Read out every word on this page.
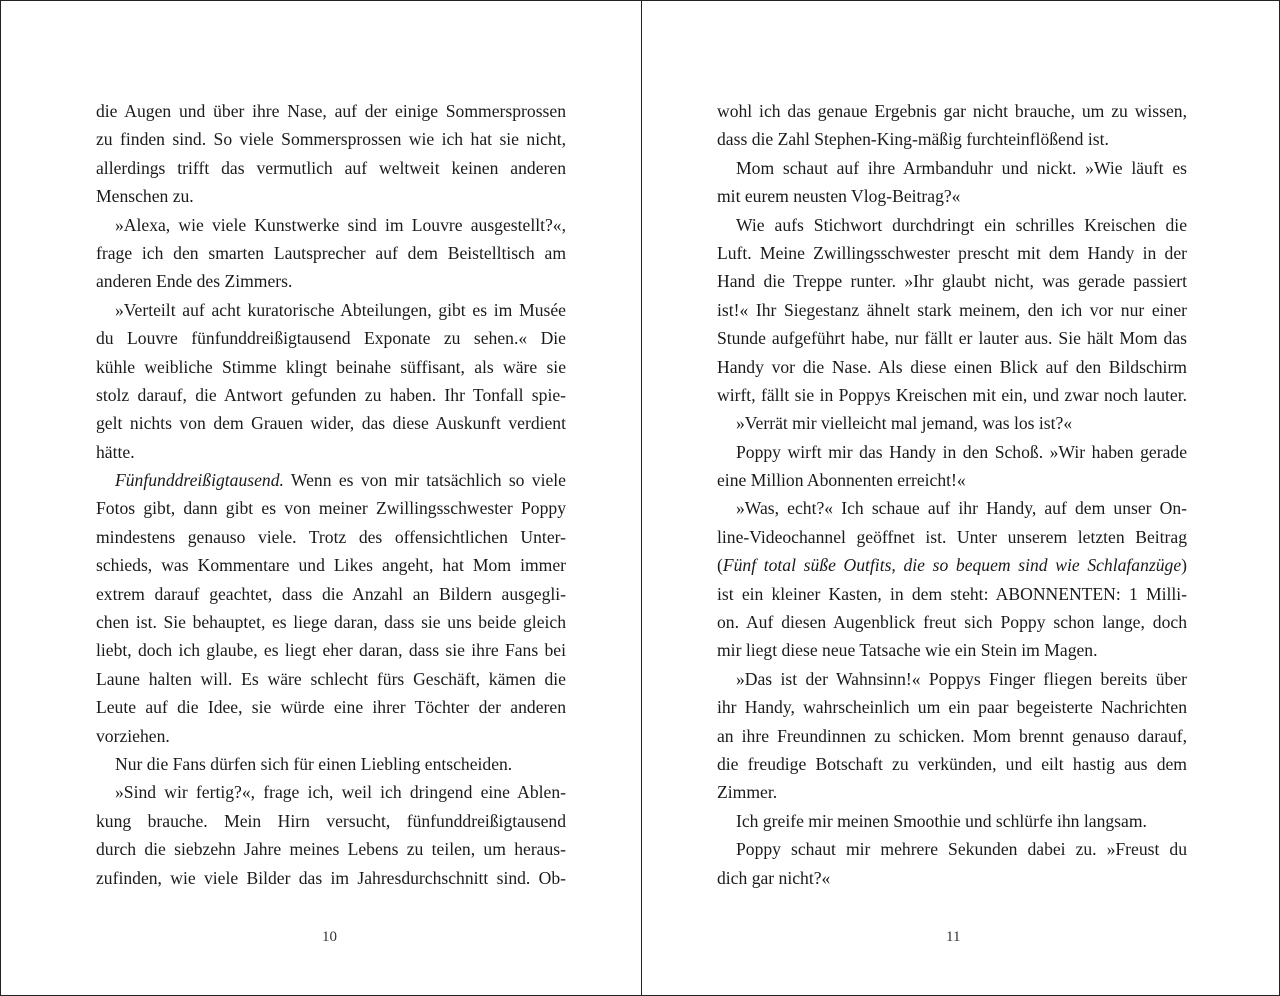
die Augen und über ihre Nase, auf der einige Sommersprossen
zu finden sind. So viele Sommersprossen wie ich hat sie nicht,
allerdings trifft das vermutlich auf weltweit keinen anderen
Menschen zu.
»Alexa, wie viele Kunstwerke sind im Louvre ausgestellt?«,
frage ich den smarten Lautsprecher auf dem Beistelltisch am
anderen Ende des Zimmers.
»Verteilt auf acht kuratorische Abteilungen, gibt es im Musée
du Louvre fünfunddreißigtausend Exponate zu sehen.« Die
kühle weibliche Stimme klingt beinahe süffisant, als wäre sie
stolz darauf, die Antwort gefunden zu haben. Ihr Tonfall spie-
gelt nichts von dem Grauen wider, das diese Auskunft verdient
hätte.
Fünfunddreißigtausend. Wenn es von mir tatsächlich so viele
Fotos gibt, dann gibt es von meiner Zwillingsschwester Poppy
mindestens genauso viele. Trotz des offensichtlichen Unter-
schieds, was Kommentare und Likes angeht, hat Mom immer
extrem darauf geachtet, dass die Anzahl an Bildern ausgegli-
chen ist. Sie behauptet, es liege daran, dass sie uns beide gleich
liebt, doch ich glaube, es liegt eher daran, dass sie ihre Fans bei
Laune halten will. Es wäre schlecht fürs Geschäft, kämen die
Leute auf die Idee, sie würde eine ihrer Töchter der anderen
vorziehen.
Nur die Fans dürfen sich für einen Liebling entscheiden.
»Sind wir fertig?«, frage ich, weil ich dringend eine Ablen-
kung brauche. Mein Hirn versucht, fünfunddreißigtausend
durch die siebzehn Jahre meines Lebens zu teilen, um heraus-
zufinden, wie viele Bilder das im Jahresdurchschnitt sind. Ob-
wohl ich das genaue Ergebnis gar nicht brauche, um zu wissen,
dass die Zahl Stephen-King-mäßig furchteinflößend ist.
Mom schaut auf ihre Armbanduhr und nickt. »Wie läuft es
mit eurem neusten Vlog-Beitrag?«
Wie aufs Stichwort durchdringt ein schrilles Kreischen die
Luft. Meine Zwillingsschwester prescht mit dem Handy in der
Hand die Treppe runter. »Ihr glaubt nicht, was gerade passiert
ist!« Ihr Siegestanz ähnelt stark meinem, den ich vor nur einer
Stunde aufgeführt habe, nur fällt er lauter aus. Sie hält Mom das
Handy vor die Nase. Als diese einen Blick auf den Bildschirm
wirft, fällt sie in Poppys Kreischen mit ein, und zwar noch lauter.
»Verrät mir vielleicht mal jemand, was los ist?«
Poppy wirft mir das Handy in den Schoß. »Wir haben gerade
eine Million Abonnenten erreicht!«
»Was, echt?« Ich schaue auf ihr Handy, auf dem unser On-
line-Videochannel geöffnet ist. Unter unserem letzten Beitrag
(Fünf total süße Outfits, die so bequem sind wie Schlafanzüge)
ist ein kleiner Kasten, in dem steht: ABONNENTEN: 1 Milli-
on. Auf diesen Augenblick freut sich Poppy schon lange, doch
mir liegt diese neue Tatsache wie ein Stein im Magen.
»Das ist der Wahnsinn!« Poppys Finger fliegen bereits über
ihr Handy, wahrscheinlich um ein paar begeisterte Nachrichten
an ihre Freundinnen zu schicken. Mom brennt genauso darauf,
die freudige Botschaft zu verkünden, und eilt hastig aus dem
Zimmer.
Ich greife mir meinen Smoothie und schlürfe ihn langsam.
Poppy schaut mir mehrere Sekunden dabei zu. »Freust du
dich gar nicht?«
10	11
